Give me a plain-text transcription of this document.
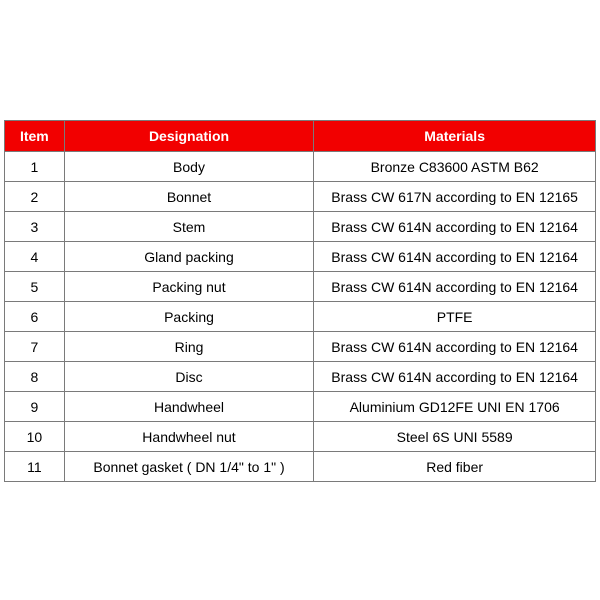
Item	Designation	Materials
1	Body	Bronze C83600 ASTM B62
2	Bonnet	Brass CW 617N according to EN 12165
3	Stem	Brass CW 614N according to EN 12164
4	Gland packing	Brass CW 614N according to EN 12164
5	Packing nut	Brass CW 614N according to EN 12164
6	Packing	PTFE
7	Ring	Brass CW 614N according to EN 12164
8	Disc	Brass CW 614N according to EN 12164
9	Handwheel	Aluminium GD12FE UNI EN 1706
10	Handwheel nut	Steel 6S UNI 5589
11	Bonnet gasket ( DN 1/4" to 1" )	Red fiber
